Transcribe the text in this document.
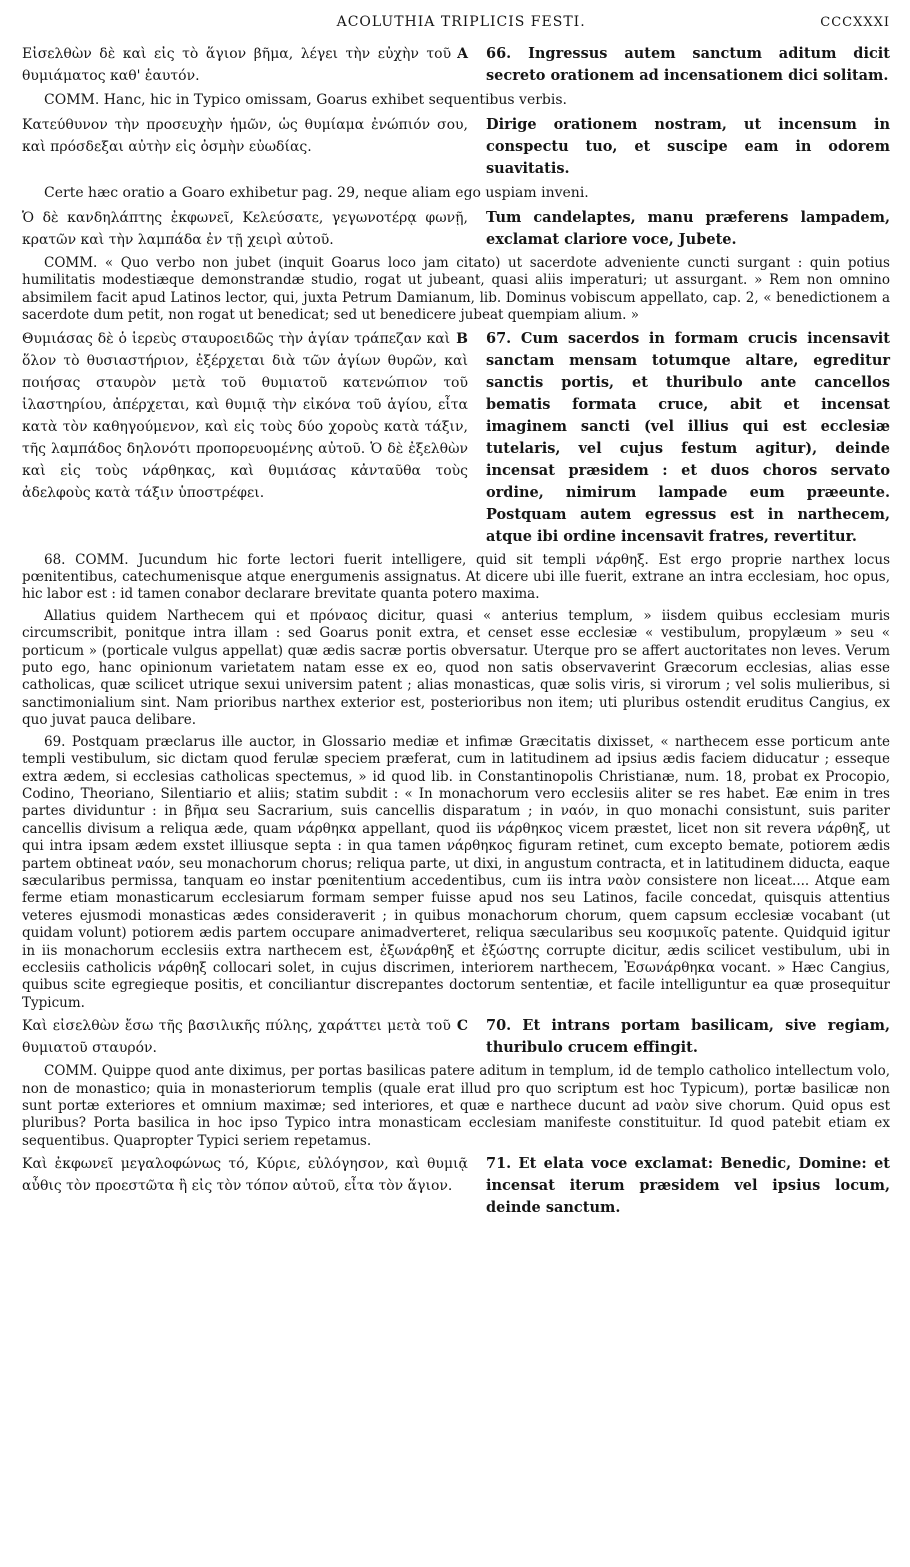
ACOLUTHIA TRIPLICIS FESTI.	CCCXXXI
A
Εἰσελθὼν δὲ καὶ εἰς τὸ ἅγιον βῆμα, λέγει τὴν εὐχὴν τοῦ θυμιάματος καθ' ἑαυτόν.
66. Ingressus autem sanctum aditum dicit secreto orationem ad incensationem dici solitam.
COMM. Hanc, hic in Typico omissam, Goarus exhibet sequentibus verbis.
Κατεύθυνον τὴν προσευχὴν ἡμῶν, ὡς θυμίαμα ἐνώπιόν σου, καὶ πρόσδεξαι αὐτὴν εἰς ὀσμὴν εὐωδίας.
Dirige orationem nostram, ut incensum in conspectu tuo, et suscipe eam in odorem suavitatis.
Certe hæc oratio a Goaro exhibetur pag. 29, neque aliam ego uspiam inveni.
Ὁ δὲ κανδηλάπτης ἐκφωνεῖ, Κελεύσατε, γεγωνοτέρᾳ φωνῇ, κρατῶν καὶ τὴν λαμπάδα ἐν τῇ χειρὶ αὐτοῦ.
Tum candelaptes, manu præferens lampadem, exclamat clariore voce, Jubete.
COMM. « Quo verbo non jubet (inquit Goarus loco jam citato) ut sacerdote adveniente cuncti surgant : quin potius humilitatis modestiæque demonstrandæ studio, rogat ut jubeant, quasi aliis imperaturi; ut assurgant. » Rem non omnino absimilem facit apud Latinos lector, qui, juxta Petrum Damianum, lib. Dominus vobiscum appellato, cap. 2, « benedictionem a sacerdote dum petit, non rogat ut benedicat; sed ut benedicere jubeat quempiam alium. »
B
Θυμιάσας δὲ ὁ ἱερεὺς σταυροειδῶς τὴν ἁγίαν τράπεζαν καὶ ὅλον τὸ θυσιαστήριον, ἐξέρχεται διὰ τῶν ἁγίων θυρῶν, καὶ ποιήσας σταυρὸν μετὰ τοῦ θυμιατοῦ κατενώπιον τοῦ ἱλαστηρίου, ἀπέρχεται, καὶ θυμιᾷ τὴν εἰκόνα τοῦ ἁγίου, εἶτα κατὰ τὸν καθηγούμενον, καὶ εἰς τοὺς δύο χοροὺς κατὰ τάξιν, τῆς λαμπάδος δηλονότι προπορευομένης αὐτοῦ. Ὁ δὲ ἐξελθὼν καὶ εἰς τοὺς νάρθηκας, καὶ θυμιάσας κἀνταῦθα τοὺς ἀδελφοὺς κατὰ τάξιν ὑποστρέφει.
67. Cum sacerdos in formam crucis incensavit sanctam mensam totumque altare, egreditur sanctis portis, et thuribulo ante cancellos bematis formata cruce, abit et incensat imaginem sancti (vel illius qui est ecclesiæ tutelaris, vel cujus festum agitur), deinde incensat præsidem : et duos choros servato ordine, nimirum lampade eum præeunte. Postquam autem egressus est in narthecem, atque ibi ordine incensavit fratres, revertitur.
68. COMM. Jucundum hic forte lectori fuerit intelligere, quid sit templi νάρθηξ. Est ergo proprie narthex locus pœnitentibus, catechumenisque atque energumenis assignatus. At dicere ubi ille fuerit, extrane an intra ecclesiam, hoc opus, hic labor est : id tamen conabor declarare brevitate quanta potero maxima.
Allatius quidem Narthecem qui et πρόναος dicitur, quasi « anterius templum, » iisdem quibus ecclesiam muris circumscribit, ponitque intra illam : sed Goarus ponit extra, et censet esse ecclesiæ « vestibulum, propylæum » seu « porticum » (porticale vulgus appellat) quæ ædis sacræ portis obversatur. Uterque pro se affert auctoritates non leves. Verum puto ego, hanc opinionum varietatem natam esse ex eo, quod non satis observaverint Græcorum ecclesias, alias esse catholicas, quæ scilicet utrique sexui universim patent ; alias monasticas, quæ solis viris, si virorum ; vel solis mulieribus, si sanctimonialium sint. Nam prioribus narthex exterior est, posterioribus non item; uti pluribus ostendit eruditus Cangius, ex quo juvat pauca delibare.
69. Postquam præclarus ille auctor, in Glossario mediæ et infimæ Græcitatis dixisset, « narthecem esse porticum ante templi vestibulum, sic dictam quod ferulæ speciem præferat, cum in latitudinem ad ipsius ædis faciem diducatur ; esseque extra ædem, si ecclesias catholicas spectemus, » id quod lib. in Constantinopolis Christianæ, num. 18, probat ex Procopio, Codino, Theoriano, Silentiario et aliis; statim subdit : « In monachorum vero ecclesiis aliter se res habet. Eæ enim in tres partes dividuntur : in βῆμα seu Sacrarium, suis cancellis disparatum ; in ναόν, in quo monachi consistunt, suis pariter cancellis divisum a reliqua æde, quam νάρθηκα appellant, quod iis νάρθηκος vicem præstet, licet non sit revera νάρθηξ, ut qui intra ipsam ædem exstet illiusque septa : in qua tamen νάρθηκος figuram retinet, cum excepto bemate, potiorem ædis partem obtineat ναόν, seu monachorum chorus; reliqua parte, ut dixi, in angustum contracta, et in latitudinem diducta, eaque sæcularibus permissa, tanquam eo instar pœnitentium accedentibus, cum iis intra ναὸν consistere non liceat.... Atque eam ferme etiam monasticarum ecclesiarum formam semper fuisse apud nos seu Latinos, facile concedat, quisquis attentius veteres ejusmodi monasticas ædes consideraverit ; in quibus monachorum chorum, quem capsum ecclesiæ vocabant (ut quidam volunt) potiorem ædis partem occupare animadverteret, reliqua sæcularibus seu κοσμικοῖς patente. Quidquid igitur in iis monachorum ecclesiis extra narthecem est, ἐξωνάρθηξ et ἐξώστης corrupte dicitur, ædis scilicet vestibulum, ubi in ecclesiis catholicis νάρθηξ collocari solet, in cujus discrimen, interiorem narthecem, Ἐσωνάρθηκα vocant. » Hæc Cangius, quibus scite egregieque positis, et conciliantur discrepantes doctorum sententiæ, et facile intelliguntur ea quæ prosequitur Typicum.
C
Καὶ εἰσελθὼν ἔσω τῆς βασιλικῆς πύλης, χαράττει μετὰ τοῦ θυμιατοῦ σταυρόν.
70. Et intrans portam basilicam, sive regiam, thuribulo crucem effingit.
COMM. Quippe quod ante diximus, per portas basilicas patere aditum in templum, id de templo catholico intellectum volo, non de monastico; quia in monasteriorum templis (quale erat illud pro quo scriptum est hoc Typicum), portæ basilicæ non sunt portæ exteriores et omnium maximæ; sed interiores, et quæ e narthece ducunt ad ναὸν sive chorum. Quid opus est pluribus? Porta basilica in hoc ipso Typico intra monasticam ecclesiam manifeste constituitur. Id quod patebit etiam ex sequentibus. Quapropter Typici seriem repetamus.
Καὶ ἐκφωνεῖ μεγαλοφώνως τό, Κύριε, εὐλόγησον, καὶ θυμιᾷ αὖθις τὸν προεστῶτα ἢ εἰς τὸν τόπον αὐτοῦ, εἶτα τὸν ἅγιον.
71. Et elata voce exclamat: Benedic, Domine: et incensat iterum præsidem vel ipsius locum, deinde sanctum.
